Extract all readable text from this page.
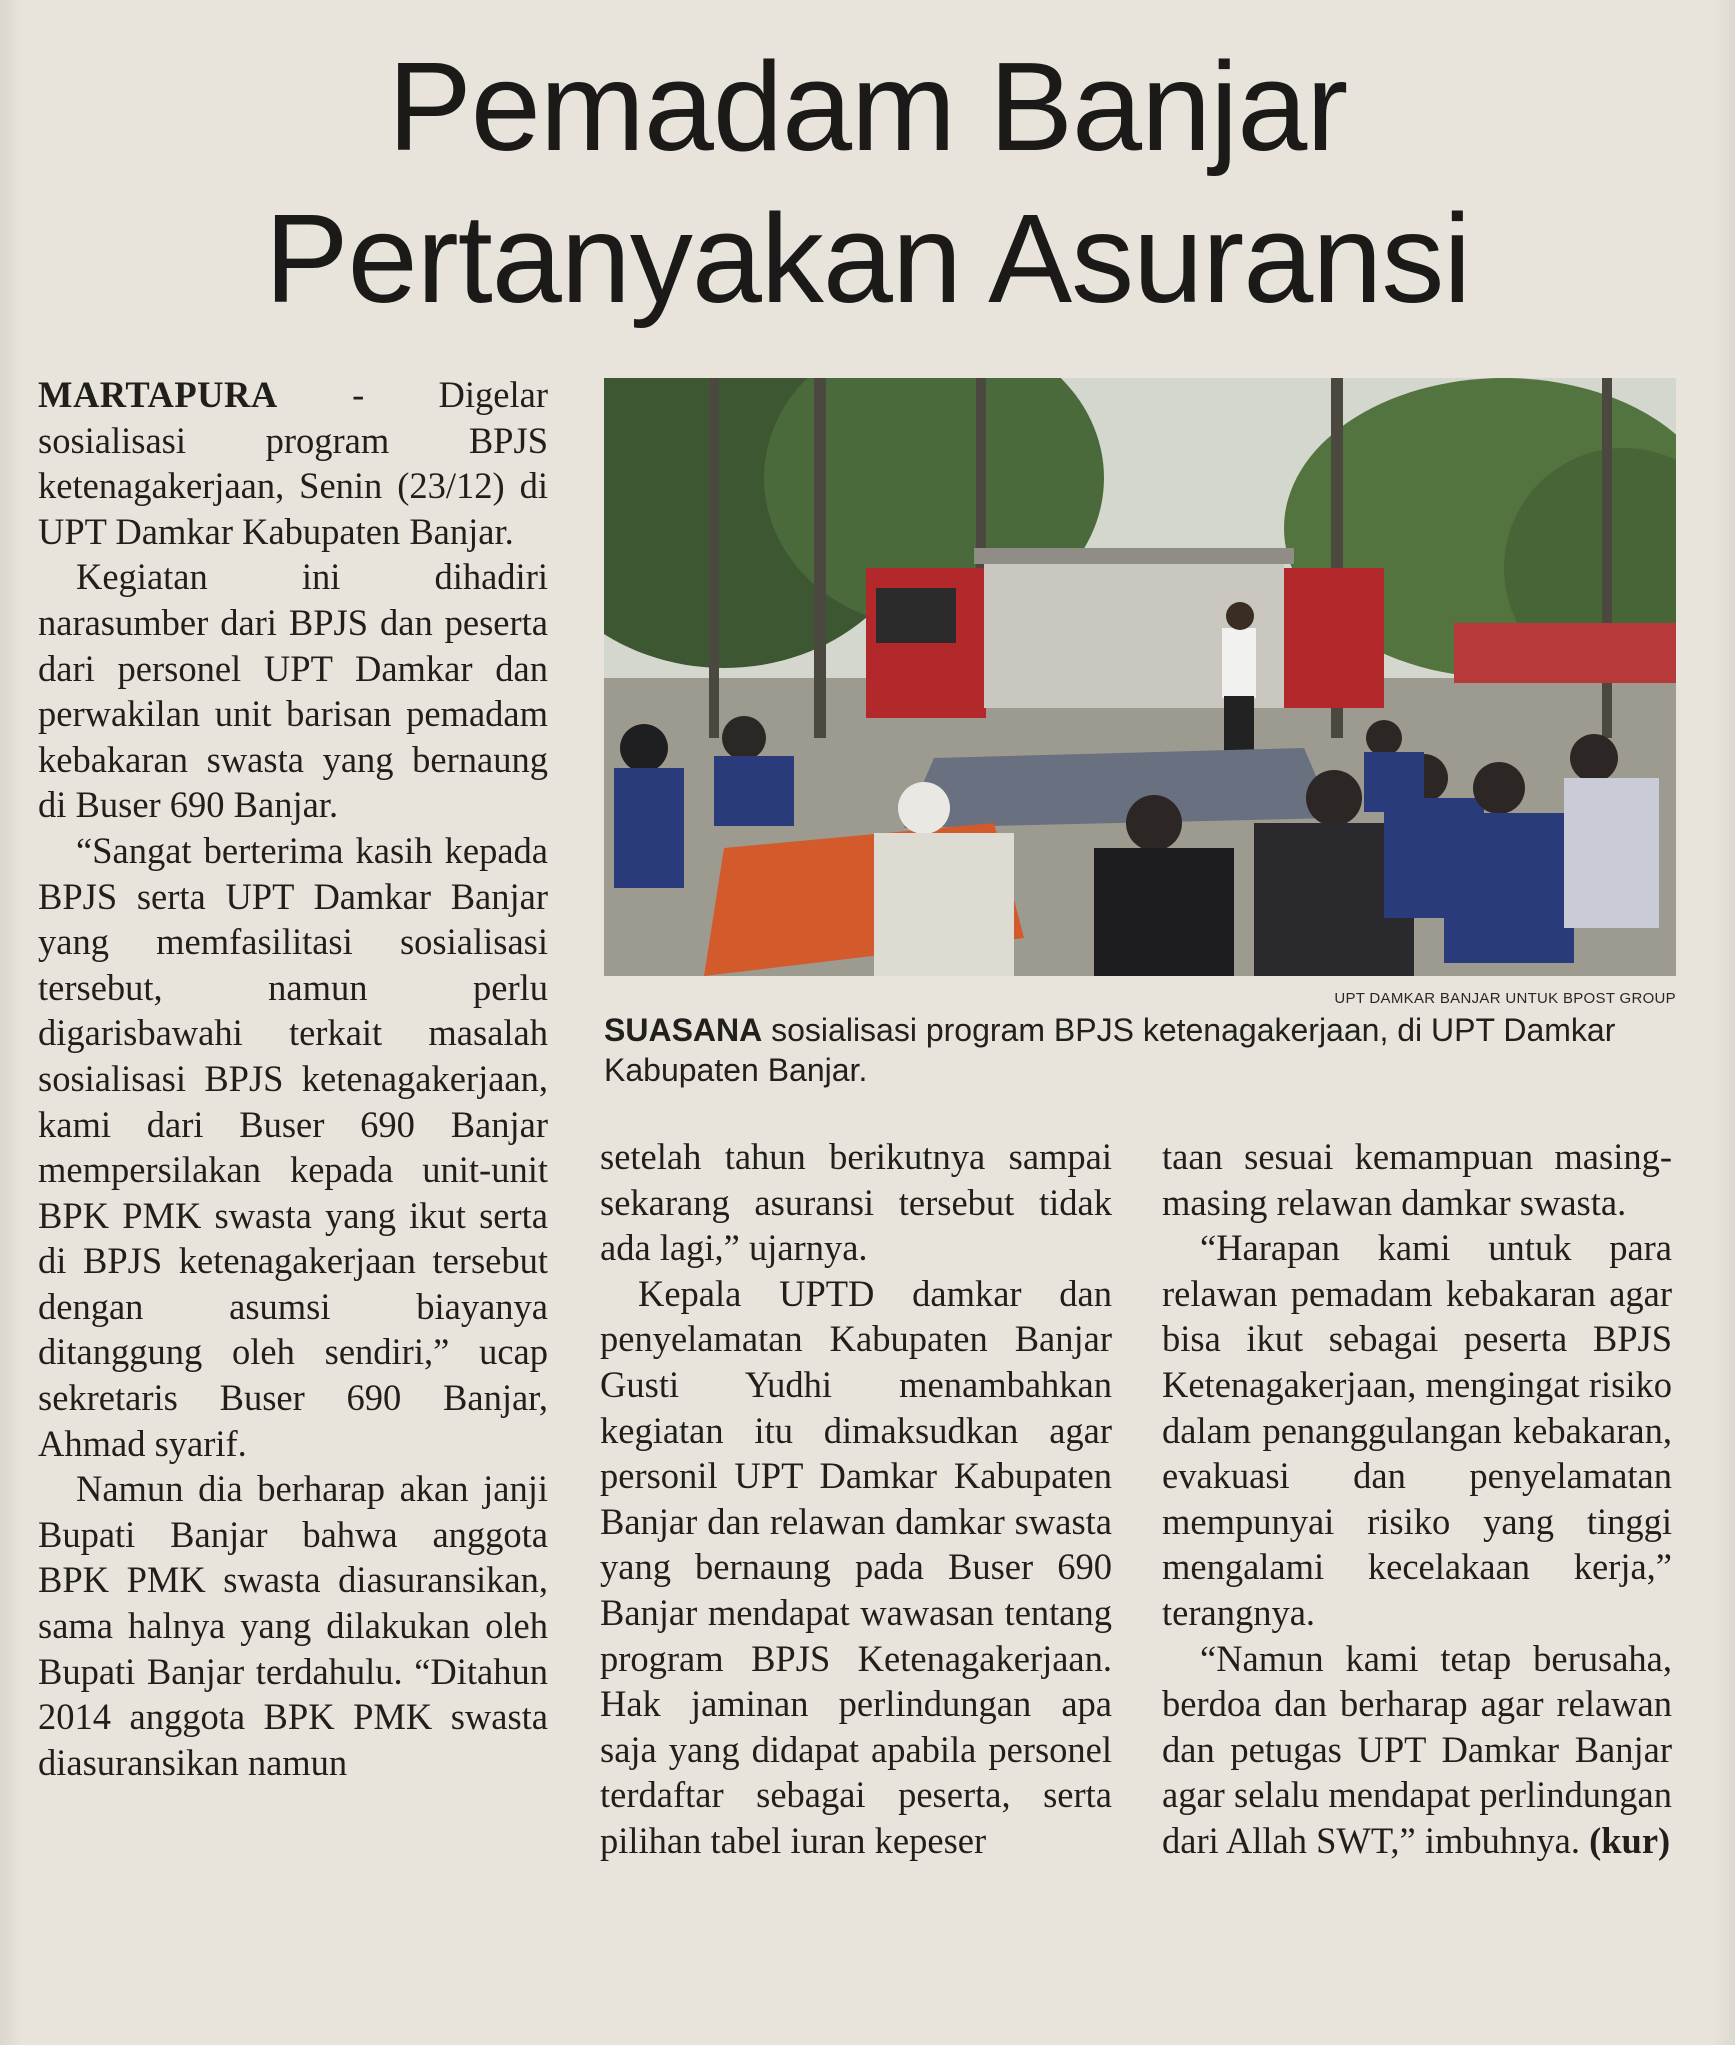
Pemadam Banjar
Pertanyakan Asuransi

MARTAPURA - Digelar sosialisasi program BPJS ketenagakerjaan, Senin (23/12) di UPT Damkar Kabupaten Banjar.

Kegiatan ini dihadiri narasumber dari BPJS dan peserta dari personel UPT Damkar dan perwakilan unit barisan pemadam kebakaran swasta yang bernaung di Buser 690 Banjar.

“Sangat berterima kasih kepada BPJS serta UPT Damkar Banjar yang memfasilitasi sosialisasi tersebut, namun perlu digarisbawahi terkait masalah sosialisasi BPJS ketenagakerjaan, kami dari Buser 690 Banjar mempersilakan kepada unit-unit BPK PMK swasta yang ikut serta di BPJS ketenagakerjaan tersebut dengan asumsi biayanya ditanggung oleh sendiri,” ucap sekretaris Buser 690 Banjar, Ahmad syarif.

Namun dia berharap akan janji Bupati Banjar bahwa anggota BPK PMK swasta diasuransikan, sama halnya yang dilakukan oleh Bupati Banjar terdahulu. “Ditahun 2014 anggota BPK PMK swasta diasuransikan namun

UPT DAMKAR BANJAR UNTUK BPOST GROUP
SUASANA sosialisasi program BPJS ketenagakerjaan, di UPT Damkar Kabupaten Banjar.

setelah tahun berikutnya sampai sekarang asuransi tersebut tidak ada lagi,” ujarnya.

Kepala UPTD damkar dan penyelamatan Kabupaten Banjar Gusti Yudhi menambahkan kegiatan itu dimaksudkan agar personil UPT Damkar Kabupaten Banjar dan relawan damkar swasta yang bernaung pada Buser 690 Banjar mendapat wawasan tentang program BPJS Ketenagakerjaan. Hak jaminan perlindungan apa saja yang didapat apabila personel terdaftar sebagai peserta, serta pilihan tabel iuran kepeser

taan sesuai kemampuan masing-masing relawan damkar swasta.

“Harapan kami untuk para relawan pemadam kebakaran agar bisa ikut sebagai peserta BPJS Ketenagakerjaan, mengingat risiko dalam penanggulangan kebakaran, evakuasi dan penyelamatan mempunyai risiko yang tinggi mengalami kecelakaan kerja,” terangnya.

“Namun kami tetap berusaha, berdoa dan berharap agar relawan dan petugas UPT Damkar Banjar agar selalu mendapat perlindungan dari Allah SWT,” imbuhnya. (kur)
